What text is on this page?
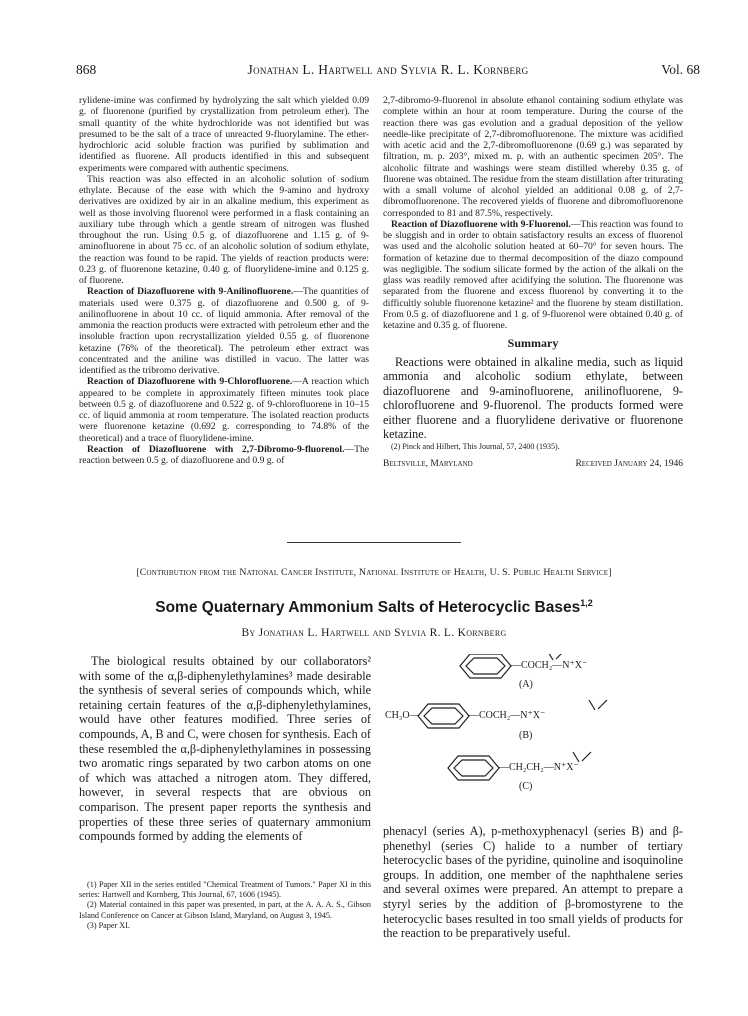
868	Jonathan L. Hartwell and Sylvia R. L. Kornberg	Vol. 68

rylidene-imine was confirmed by hydrolyzing the salt which yielded 0.09 g. of fluorenone (purified by crystallization from petroleum ether). The small quantity of the white hydrochloride was not identified but was presumed to be the salt of a trace of unreacted 9-fluorylamine. The ether-hydrochloric acid soluble fraction was purified by sublimation and identified as fluorene. All products identified in this and subsequent experiments were compared with authentic specimens.

This reaction was also effected in an alcoholic solution of sodium ethylate. Because of the ease with which the 9-amino and hydroxy derivatives are oxidized by air in an alkaline medium, this experiment as well as those involving fluorenol were performed in a flask containing an auxiliary tube through which a gentle stream of nitrogen was flushed throughout the run. Using 0.5 g. of diazofluorene and 1.15 g. of 9-aminofluorene in about 75 cc. of an alcoholic solution of sodium ethylate, the reaction was found to be rapid. The yields of reaction products were: 0.23 g. of fluorenone ketazine, 0.40 g. of fluorylidene-imine and 0.125 g. of fluorene.

Reaction of Diazofluorene with 9-Anilinofluorene.—The quantities of materials used were 0.375 g. of diazofluorene and 0.500 g. of 9-anilinofluorene in about 10 cc. of liquid ammonia. After removal of the ammonia the reaction products were extracted with petroleum ether and the insoluble fraction upon recrystallization yielded 0.55 g. of fluorenone ketazine (76% of the theoretical). The petroleum ether extract was concentrated and the aniline was distilled in vacuo. The latter was identified as the tribromo derivative.

Reaction of Diazofluorene with 9-Chlorofluorene.—A reaction which appeared to be complete in approximately fifteen minutes took place between 0.5 g. of diazofluorene and 0.522 g. of 9-chlorofluorene in 10–15 cc. of liquid ammonia at room temperature. The isolated reaction products were fluorenone ketazine (0.692 g. corresponding to 74.8% of the theoretical) and a trace of fluorylidene-imine.

Reaction of Diazofluorene with 2,7-Dibromo-9-fluorenol.—The reaction between 0.5 g. of diazofluorene and 0.9 g. of

2,7-dibromo-9-fluorenol in absolute ethanol containing sodium ethylate was complete within an hour at room temperature. During the course of the reaction there was gas evolution and a gradual deposition of the yellow needle-like precipitate of 2,7-dibromofluorenone. The mixture was acidified with acetic acid and the 2,7-dibromofluorenone (0.69 g.) was separated by filtration, m. p. 203°, mixed m. p. with an authentic specimen 205°. The alcoholic filtrate and washings were steam distilled whereby 0.35 g. of fluorene was obtained. The residue from the steam distillation after triturating with a small volume of alcohol yielded an additional 0.08 g. of 2,7-dibromofluorenone. The recovered yields of fluorene and dibromofluorenone corresponded to 81 and 87.5%, respectively.

Reaction of Diazofluorene with 9-Fluorenol.—This reaction was found to be sluggish and in order to obtain satisfactory results an excess of fluorenol was used and the alcoholic solution heated at 60–70° for seven hours. The formation of ketazine due to thermal decomposition of the diazo compound was negligible. The sodium silicate formed by the action of the alkali on the glass was readily removed after acidifying the solution. The fluorenone was separated from the fluorene and excess fluorenol by converting it to the difficultly soluble fluorenone ketazine² and the fluorene by steam distillation. From 0.5 g. of diazofluorene and 1 g. of 9-fluorenol were obtained 0.40 g. of ketazine and 0.35 g. of fluorene.

Summary

Reactions were obtained in alkaline media, such as liquid ammonia and alcoholic sodium ethylate, between diazofluorene and 9-aminofluorene, anilinofluorene, 9-chlorofluorene and 9-fluorenol. The products formed were either fluorene and a fluorylidene derivative or fluorenone ketazine.

(2) Pinck and Hilbert, This Journal, 57, 2400 (1935).

Beltsville, Maryland	Received January 24, 1946
[Contribution from the National Cancer Institute, National Institute of Health, U. S. Public Health Service]
Some Quaternary Ammonium Salts of Heterocyclic Bases$^{1,2}$
By Jonathan L. Hartwell and Sylvia R. L. Kornberg

The biological results obtained by our collaborators² with some of the α,β-diphenylethylamines³ made desirable the synthesis of several series of compounds which, while retaining certain features of the α,β-diphenylethylamines, would have other features modified. Three series of compounds, A, B and C, were chosen for synthesis. Each of these resembled the α,β-diphenylethylamines in possessing two aromatic rings separated by two carbon atoms on one of which was attached a nitrogen atom. They differed, however, in several respects that are obvious on comparison. The present paper reports the synthesis and properties of these three series of quaternary ammonium compounds formed by adding the elements of

(1) Paper XII in the series entitled "Chemical Treatment of Tumors." Paper XI in this series: Hartwell and Kornberg, This Journal, 67, 1606 (1945).

(2) Material contained in this paper was presented, in part, at the A. A. A. S., Gibson Island Conference on Cancer at Gibson Island, Maryland, on August 3, 1945.

(3) Paper XI.

—COCH₂—N⁺X⁻
(A)
CH₃O—	—COCH₂—N⁺X⁻
(B)
—CH₂CH₂—N⁺X⁻
(C)

phenacyl (series A), p-methoxyphenacyl (series B) and β-phenethyl (series C) halide to a number of tertiary heterocyclic bases of the pyridine, quinoline and isoquinoline groups. In addition, one member of the naphthalene series and several oximes were prepared. An attempt to prepare a styryl series by the addition of β-bromostyrene to the heterocyclic bases resulted in too small yields of products for the reaction to be preparatively useful.
